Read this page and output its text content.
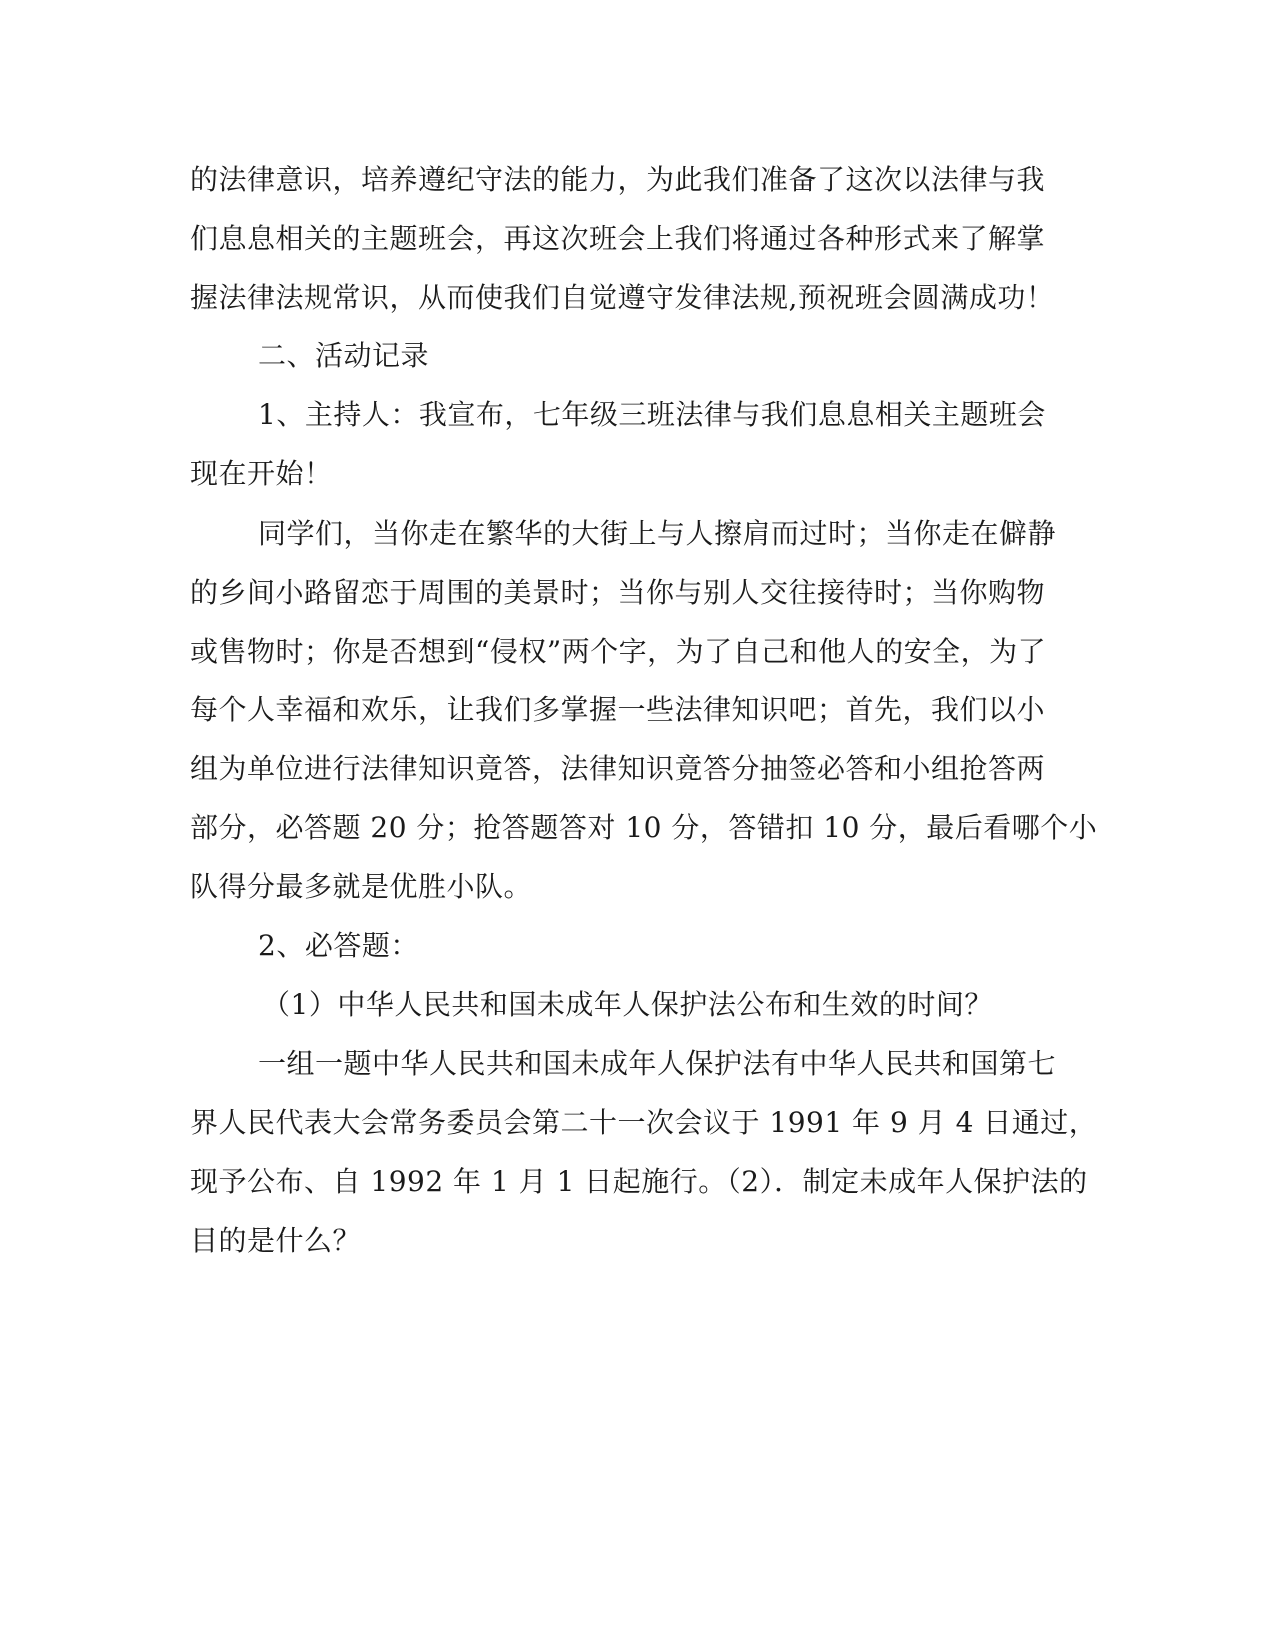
的法律意识，培养遵纪守法的能力，为此我们准备了这次以法律与我
们息息相关的主题班会，再这次班会上我们将通过各种形式来了解掌
握法律法规常识，从而使我们自觉遵守发律法规,预祝班会圆满成功！
二、活动记录
1、主持人：我宣布，七年级三班法律与我们息息相关主题班会
现在开始！
同学们，当你走在繁华的大街上与人擦肩而过时；当你走在僻静
的乡间小路留恋于周围的美景时；当你与别人交往接待时；当你购物
或售物时；你是否想到“侵权”两个字，为了自己和他人的安全，为了
每个人幸福和欢乐，让我们多掌握一些法律知识吧；首先，我们以小
组为单位进行法律知识竟答，法律知识竟答分抽签必答和小组抢答两
部分，必答题 20 分；抢答题答对 10 分，答错扣 10 分，最后看哪个小
队得分最多就是优胜小队。
2、必答题：
（1）中华人民共和国未成年人保护法公布和生效的时间？
一组一题中华人民共和国未成年人保护法有中华人民共和国第七
界人民代表大会常务委员会第二十一次会议于 1991 年 9 月 4 日通过，
现予公布、自 1992 年 1 月 1 日起施行。（2）．制定未成年人保护法的
目的是什么？
